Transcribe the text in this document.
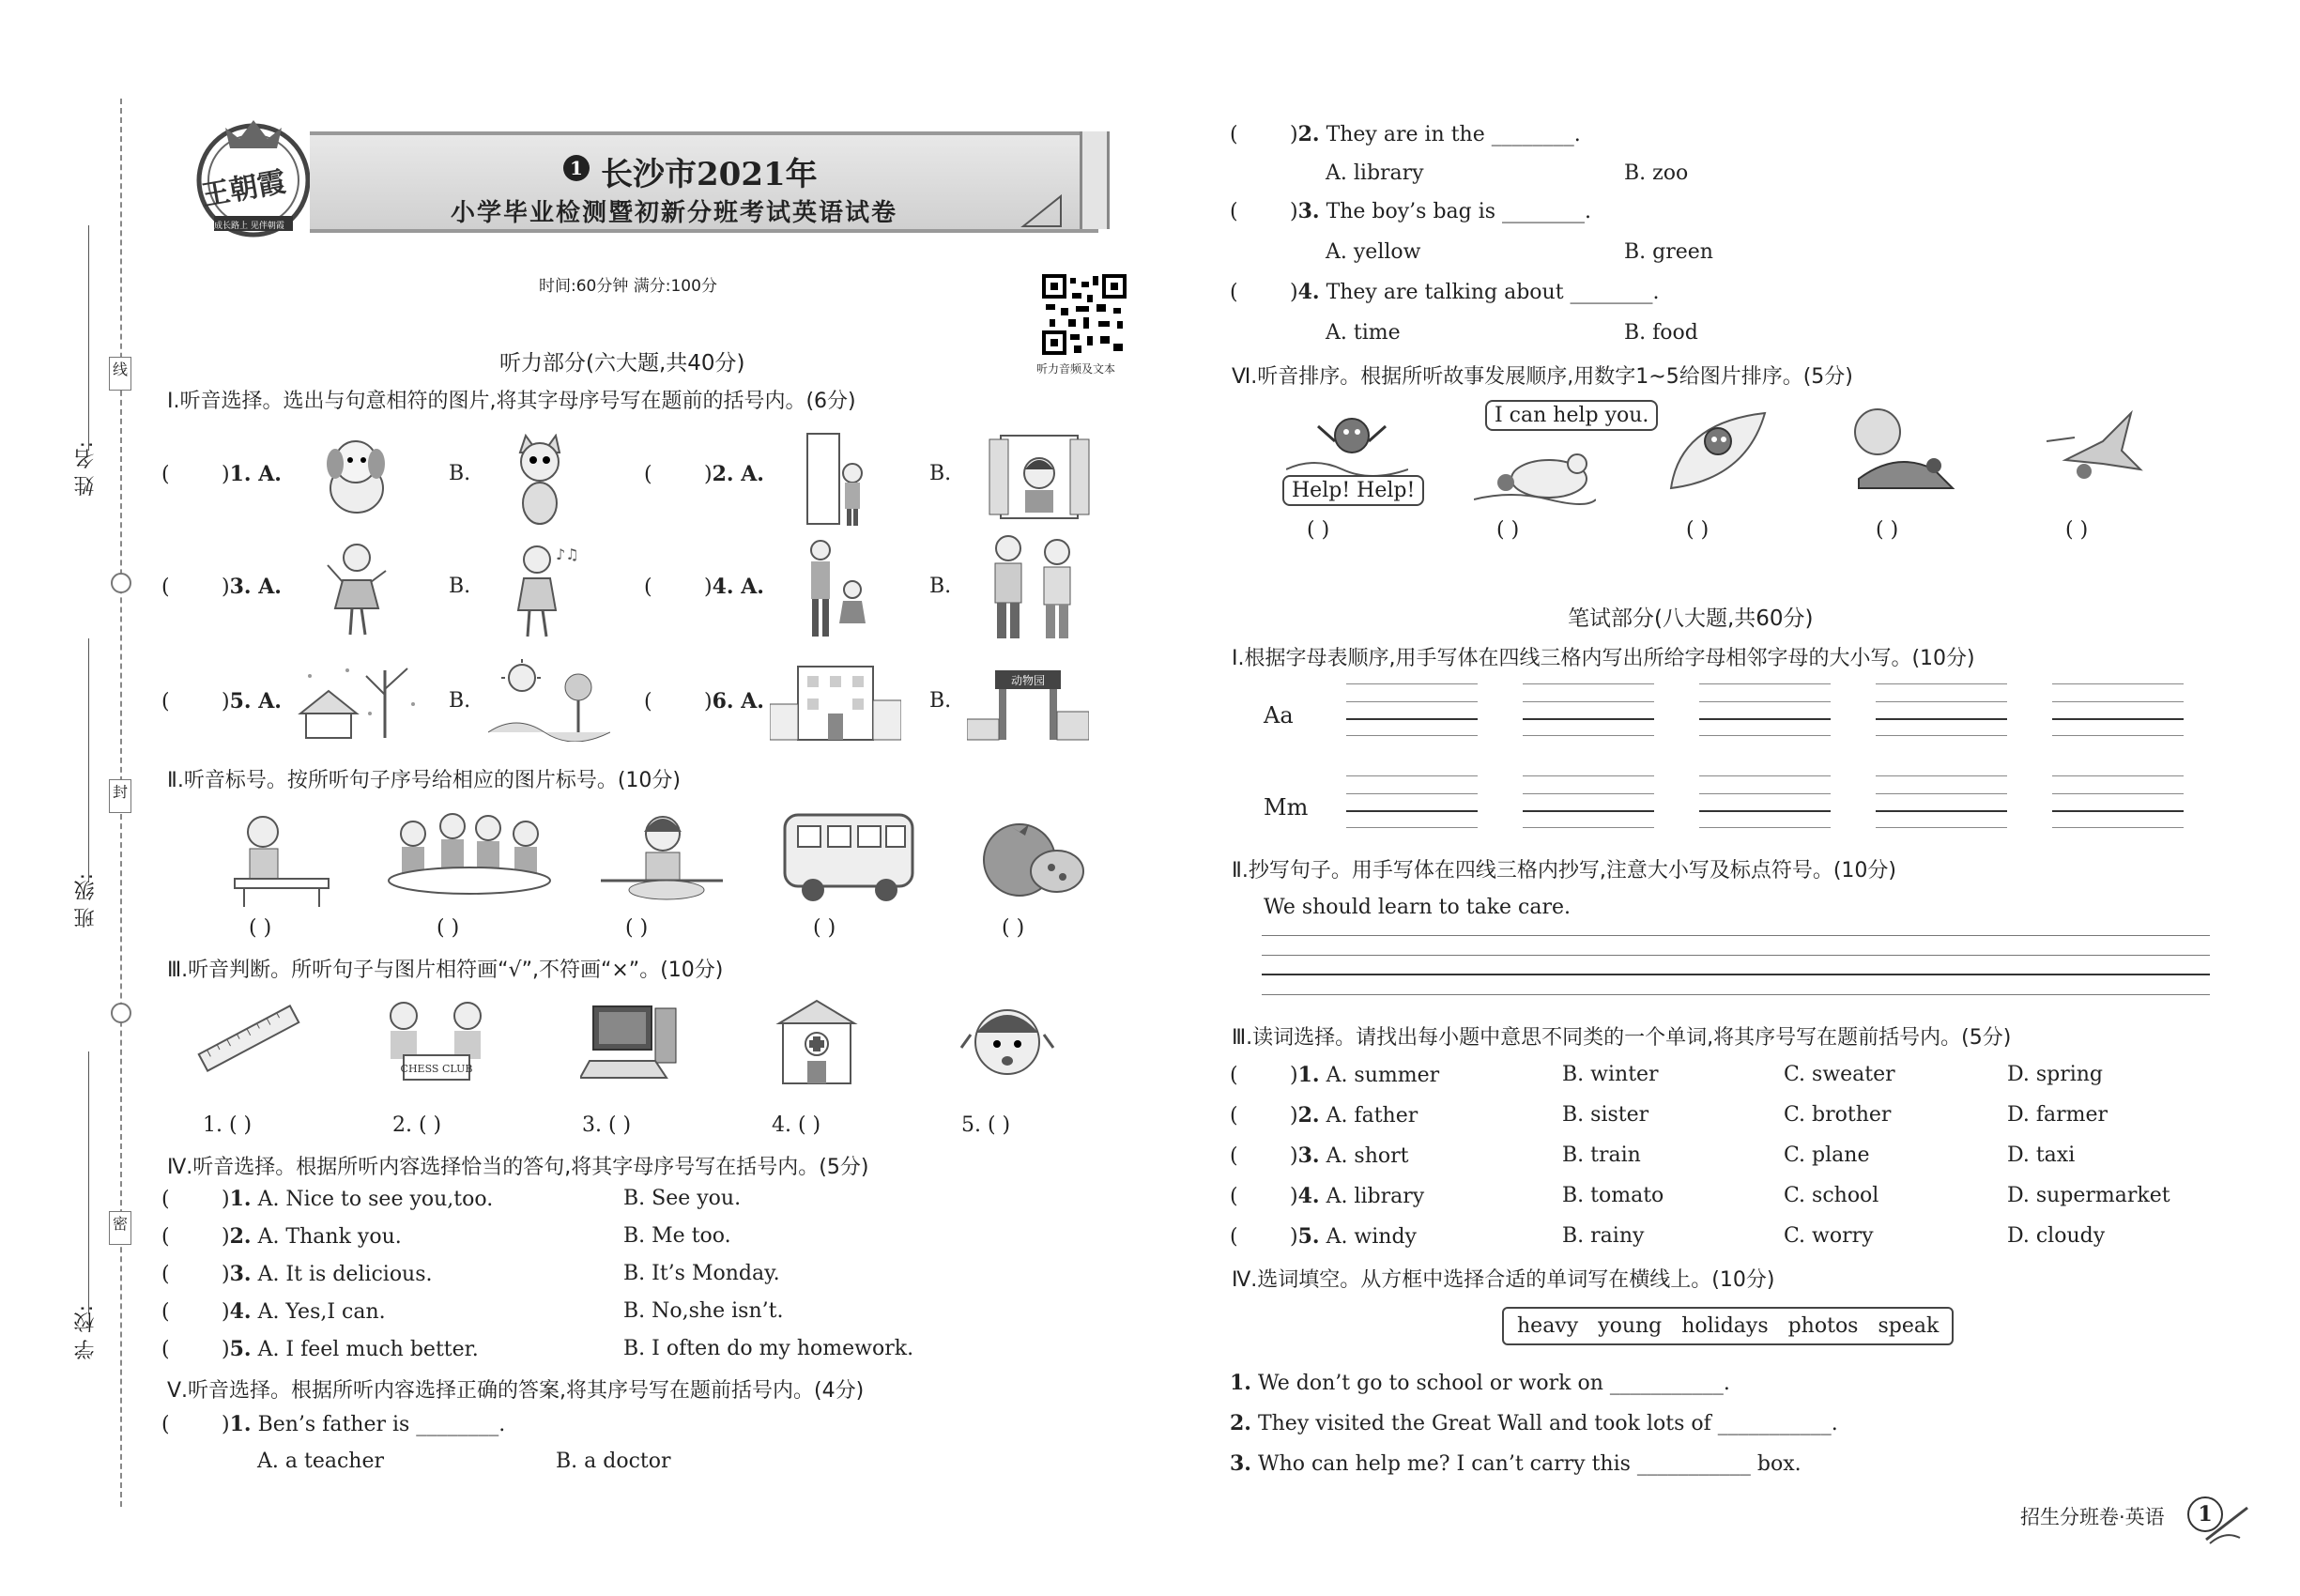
线
封
密
姓 名:
班 级:
学 校:
王朝霞
成长路上 见伴朝霞
1 长沙市2021年
小学毕业检测暨初新分班考试英语试卷
时间:60分钟 满分:100分
听力音频及文本
听力部分(六大题,共40分)
Ⅰ.听音选择。选出与句意相符的图片,将其字母序号写在题前的括号内。(6分)
(	)1. A.	B.	(	)2. A.	B.
(	)3. A.	B.	(	)4. A.	B.
(	)5. A.	B.	(	)6. A.	B.
♪♫
动物园
Ⅱ.听音标号。按所听句子序号给相应的图片标号。(10分)
( )	( )	( )	( )	( )
Ⅲ.听音判断。所听句子与图片相符画“√”,不符画“×”。(10分)
CHESS CLUB
1. ( )	2. ( )	3. ( )	4. ( )	5. ( )
Ⅳ.听音选择。根据所听内容选择恰当的答句,将其字母序号写在括号内。(5分)
(	)1. A. Nice to see you,too.	B. See you.
(	)2. A. Thank you.	B. Me too.
(	)3. A. It is delicious.	B. It’s Monday.
(	)4. A. Yes,I can.	B. No,she isn’t.
(	)5. A. I feel much better.	B. I often do my homework.
Ⅴ.听音选择。根据所听内容选择正确的答案,将其序号写在题前括号内。(4分)
(	)1. Ben’s father is ________.
A. a teacher	B. a doctor
(	)2. They are in the ________.
A. library	B. zoo
(	)3. The boy’s bag is ________.
A. yellow	B. green
(	)4. They are talking about ________.
A. time	B. food
Ⅵ.听音排序。根据所听故事发展顺序,用数字1~5给图片排序。(5分)
Help! Help!
I can help you.
( )	( )	( )	( )	( )
笔试部分(八大题,共60分)
Ⅰ.根据字母表顺序,用手写体在四线三格内写出所给字母相邻字母的大小写。(10分)
Aa
Mm
Ⅱ.抄写句子。用手写体在四线三格内抄写,注意大小写及标点符号。(10分)
We should learn to take care.
Ⅲ.读词选择。请找出每小题中意思不同类的一个单词,将其序号写在题前括号内。(5分)
(	)1. A. summer	B. winter	C. sweater	D. spring
(	)2. A. father	B. sister	C. brother	D. farmer
(	)3. A. short	B. train	C. plane	D. taxi
(	)4. A. library	B. tomato	C. school	D. supermarket
(	)5. A. windy	B. rainy	C. worry	D. cloudy
Ⅳ.选词填空。从方框中选择合适的单词写在横线上。(10分)
heavy   young   holidays   photos   speak
1. We don’t go to school or work on ___________.
2. They visited the Great Wall and took lots of ___________.
3. Who can help me? I can’t carry this ___________ box.
招生分班卷·英语	1
